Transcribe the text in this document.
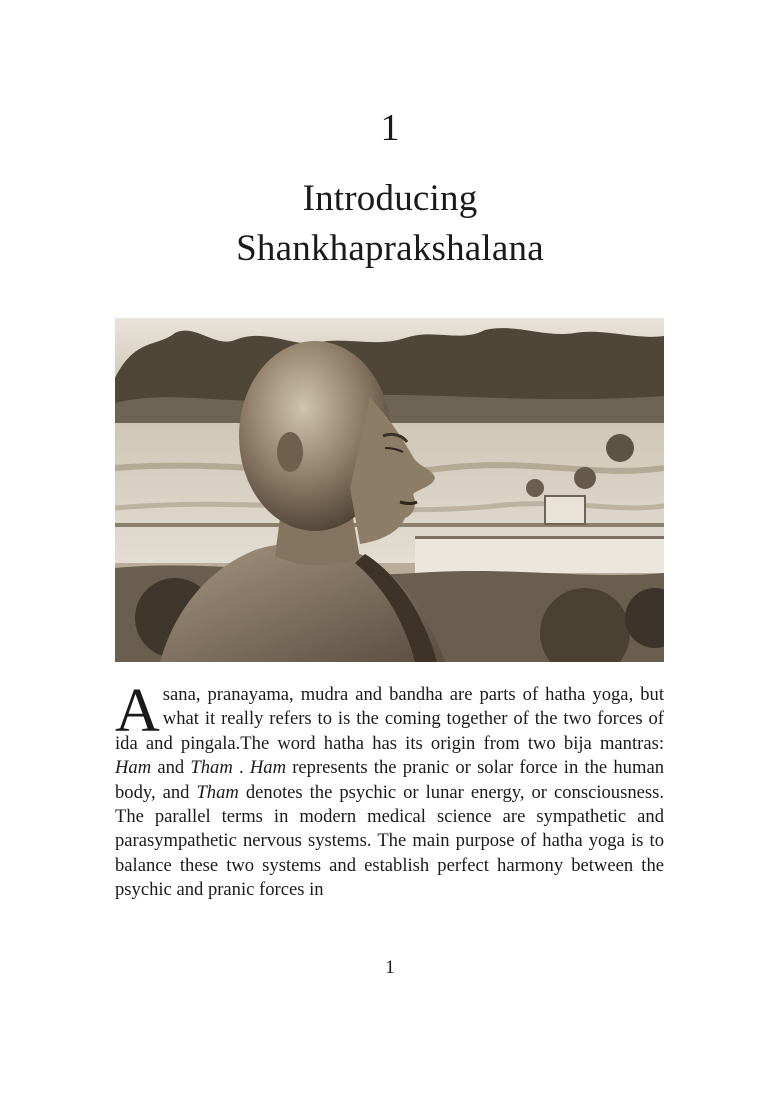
1
Introducing
Shankhaprakshalana

A sana, pranayama, mudra and bandha are parts of hatha yoga, but what it really refers to is the coming together of the two forces of ida and pingala.The word hatha has its origin from two bija mantras: Ham and Tham . Ham represents the pranic or solar force in the human body, and Tham denotes the psychic or lunar energy, or consciousness. The parallel terms in modern medical science are sympathetic and parasympathetic nervous systems. The main purpose of hatha yoga is to balance these two systems and establish perfect harmony between the psychic and pranic forces in

1
